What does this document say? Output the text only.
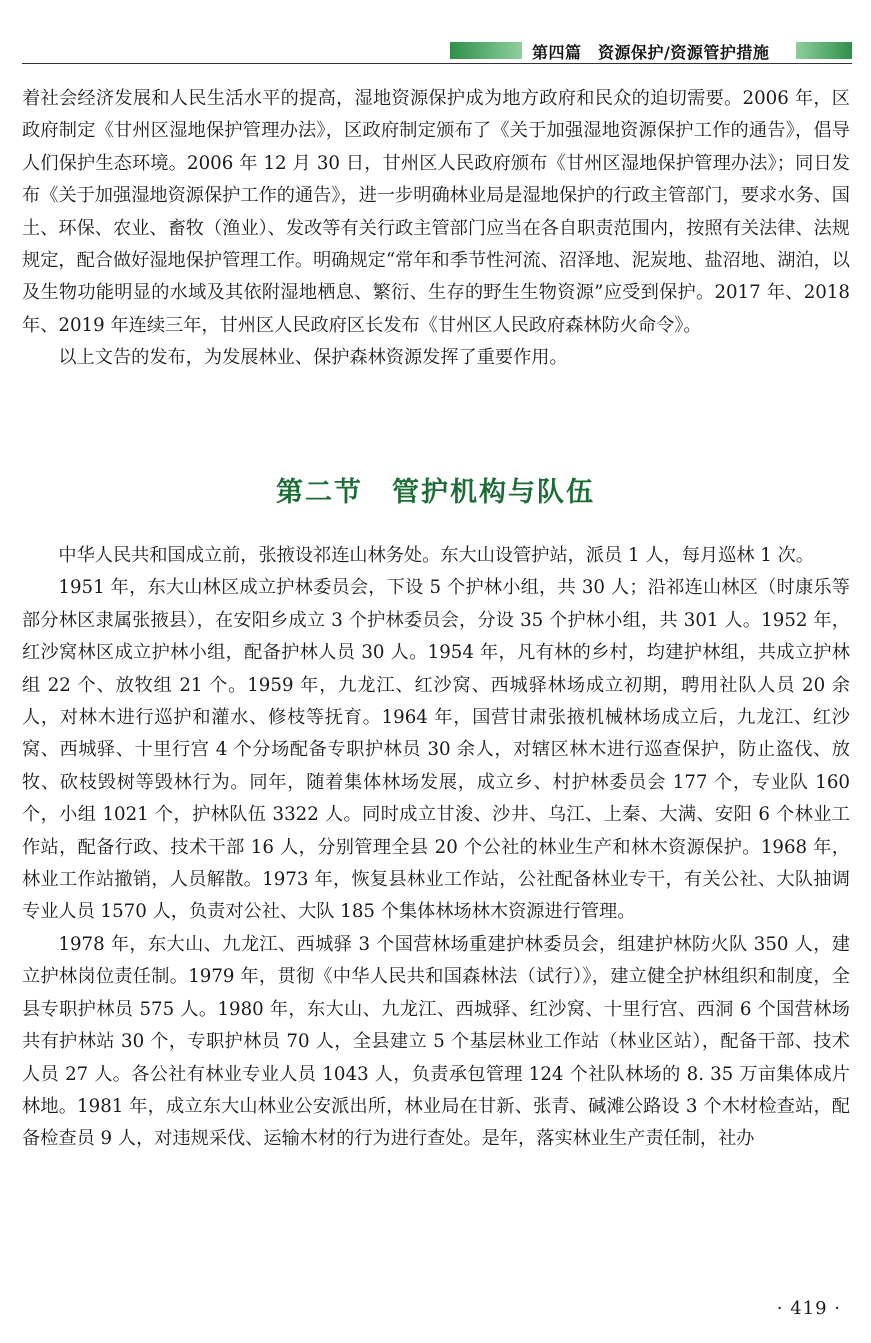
第四篇　资源保护/资源管护措施

着社会经济发展和人民生活水平的提高，湿地资源保护成为地方政府和民众的迫切需要。2006 年，区政府制定《甘州区湿地保护管理办法》，区政府制定颁布了《关于加强湿地资源保护工作的通告》，倡导人们保护生态环境。2006 年 12 月 30 日，甘州区人民政府颁布《甘州区湿地保护管理办法》；同日发布《关于加强湿地资源保护工作的通告》，进一步明确林业局是湿地保护的行政主管部门，要求水务、国土、环保、农业、畜牧（渔业）、发改等有关行政主管部门应当在各自职责范围内，按照有关法律、法规规定，配合做好湿地保护管理工作。明确规定“常年和季节性河流、沼泽地、泥炭地、盐沼地、湖泊，以及生物功能明显的水域及其依附湿地栖息、繁衍、生存的野生生物资源”应受到保护。2017 年、2018 年、2019 年连续三年，甘州区人民政府区长发布《甘州区人民政府森林防火命令》。

以上文告的发布，为发展林业、保护森林资源发挥了重要作用。

第二节　管护机构与队伍

中华人民共和国成立前，张掖设祁连山林务处。东大山设管护站，派员 1 人，每月巡林 1 次。

1951 年，东大山林区成立护林委员会，下设 5 个护林小组，共 30 人；沿祁连山林区（时康乐等部分林区隶属张掖县），在安阳乡成立 3 个护林委员会，分设 35 个护林小组，共 301 人。1952 年，红沙窝林区成立护林小组，配备护林人员 30 人。1954 年，凡有林的乡村，均建护林组，共成立护林组 22 个、放牧组 21 个。1959 年，九龙江、红沙窝、西城驿林场成立初期，聘用社队人员 20 余人，对林木进行巡护和灌水、修枝等抚育。1964 年，国营甘肃张掖机械林场成立后，九龙江、红沙窝、西城驿、十里行宫 4 个分场配备专职护林员 30 余人，对辖区林木进行巡查保护，防止盗伐、放牧、砍枝毁树等毁林行为。同年，随着集体林场发展，成立乡、村护林委员会 177 个，专业队 160 个，小组 1021 个，护林队伍 3322 人。同时成立甘浚、沙井、乌江、上秦、大满、安阳 6 个林业工作站，配备行政、技术干部 16 人，分别管理全县 20 个公社的林业生产和林木资源保护。1968 年，林业工作站撤销，人员解散。1973 年，恢复县林业工作站，公社配备林业专干，有关公社、大队抽调专业人员 1570 人，负责对公社、大队 185 个集体林场林木资源进行管理。

1978 年，东大山、九龙江、西城驿 3 个国营林场重建护林委员会，组建护林防火队 350 人，建立护林岗位责任制。1979 年，贯彻《中华人民共和国森林法（试行）》，建立健全护林组织和制度，全县专职护林员 575 人。1980 年，东大山、九龙江、西城驿、红沙窝、十里行宫、西洞 6 个国营林场共有护林站 30 个，专职护林员 70 人，全县建立 5 个基层林业工作站（林业区站），配备干部、技术人员 27 人。各公社有林业专业人员 1043 人，负责承包管理 124 个社队林场的 8. 35 万亩集体成片林地。1981 年，成立东大山林业公安派出所，林业局在甘新、张青、碱滩公路设 3 个木材检查站，配备检查员 9 人，对违规采伐、运输木材的行为进行查处。是年，落实林业生产责任制，社办

· 419 ·
